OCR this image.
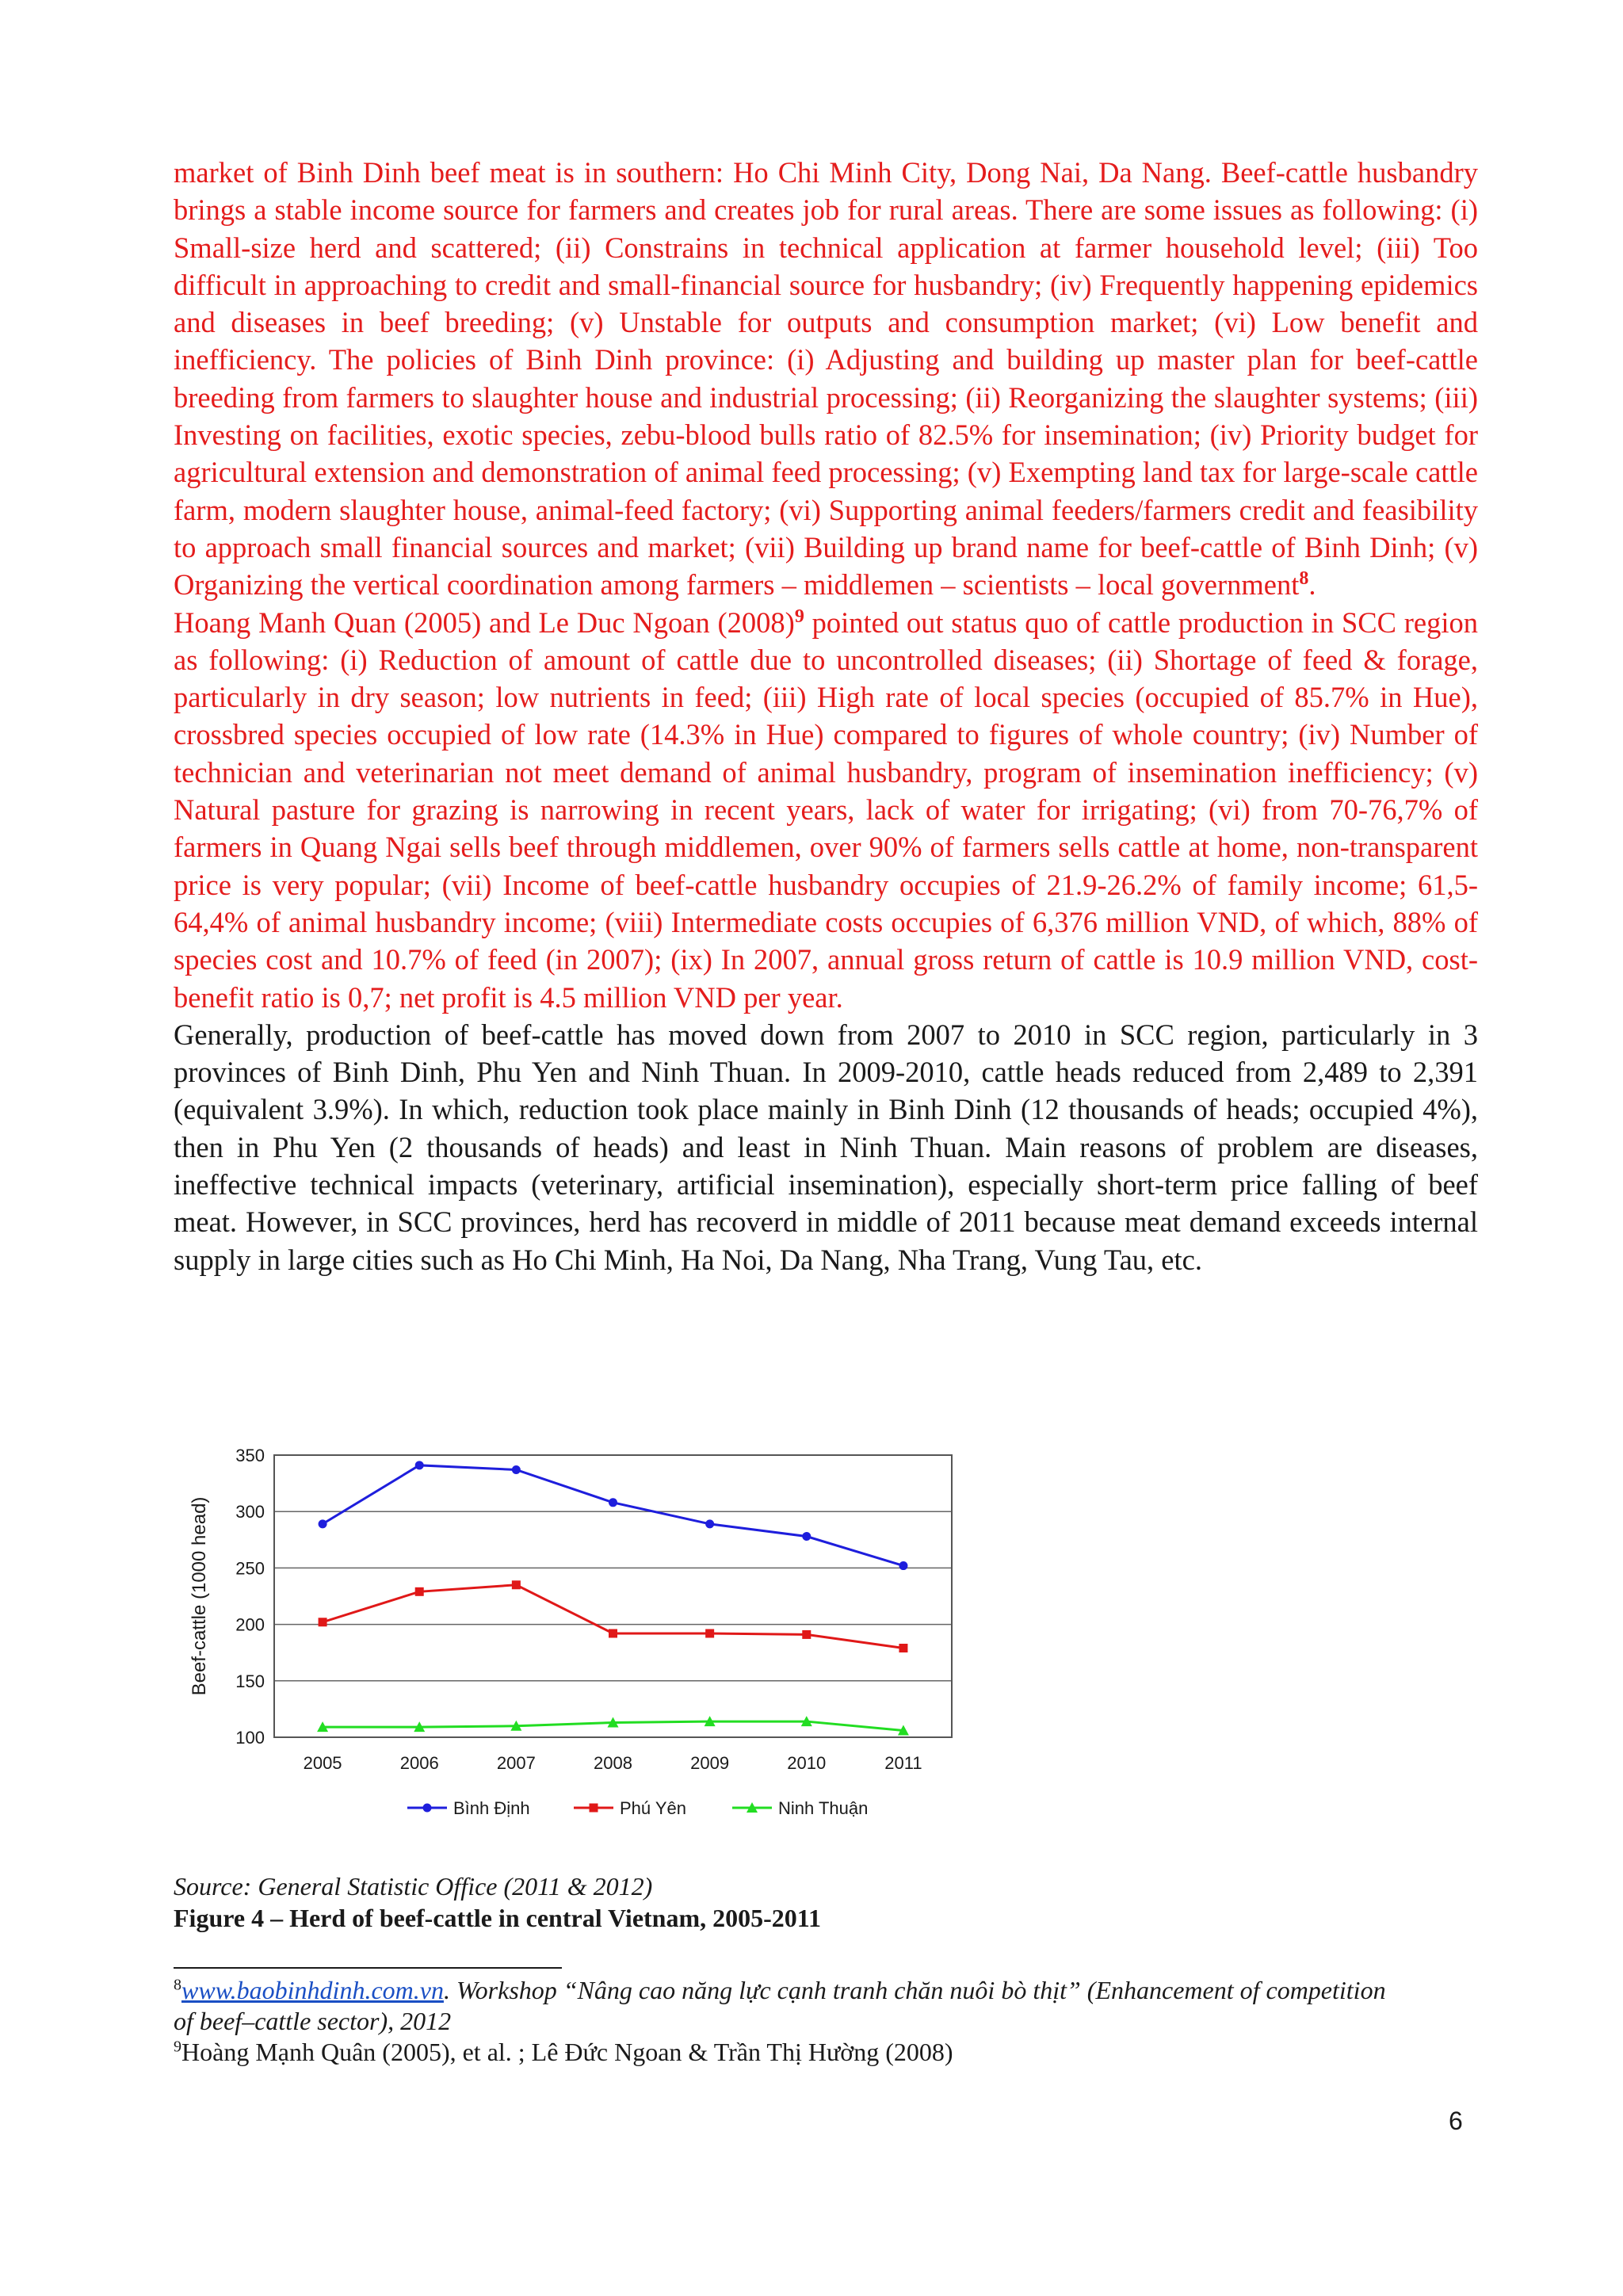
market of Binh Dinh beef meat is in southern: Ho Chi Minh City, Dong Nai, Da Nang. Beef-cattle husbandry brings a stable income source for farmers and creates job for rural areas. There are some issues as following: (i) Small-size herd and scattered; (ii) Constrains in technical application at farmer household level; (iii) Too difficult in approaching to credit and small-financial source for husbandry; (iv) Frequently happening epidemics and diseases in beef breeding; (v) Unstable for outputs and consumption market; (vi) Low benefit and inefficiency. The policies of Binh Dinh province: (i) Adjusting and building up master plan for beef-cattle breeding from farmers to slaughter house and industrial processing; (ii) Reorganizing the slaughter systems; (iii) Investing on facilities, exotic species, zebu-blood bulls ratio of 82.5% for insemination; (iv) Priority budget for agricultural extension and demonstration of animal feed processing; (v) Exempting land tax for large-scale cattle farm, modern slaughter house, animal-feed factory; (vi) Supporting animal feeders/farmers credit and feasibility to approach small financial sources and market; (vii) Building up brand name for beef-cattle of Binh Dinh; (v) Organizing the vertical coordination among farmers – middlemen – scientists – local government$^8$.

Hoang Manh Quan (2005) and Le Duc Ngoan $(2008)^9$ pointed out status quo of cattle production in SCC region as following: (i) Reduction of amount of cattle due to uncontrolled diseases; (ii) Shortage of feed & forage, particularly in dry season; low nutrients in feed; (iii) High rate of local species (occupied of 85.7% in Hue), crossbred species occupied of low rate (14.3% in Hue) compared to figures of whole country; (iv) Number of technician and veterinarian not meet demand of animal husbandry, program of insemination inefficiency; (v) Natural pasture for grazing is narrowing in recent years, lack of water for irrigating; (vi) from 70-76,7% of farmers in Quang Ngai sells beef through middlemen, over 90% of farmers sells cattle at home, non-transparent price is very popular; (vii) Income of beef-cattle husbandry occupies of 21.9-26.2% of family income; 61,5-64,4% of animal husbandry income; (viii) Intermediate costs occupies of 6,376 million VND, of which, 88% of species cost and 10.7% of feed (in 2007); (ix) In 2007, annual gross return of cattle is 10.9 million VND, cost-benefit ratio is 0,7; net profit is 4.5 million VND per year.

Generally, production of beef-cattle has moved down from 2007 to 2010 in SCC region, particularly in 3 provinces of Binh Dinh, Phu Yen and Ninh Thuan. In 2009-2010, cattle heads reduced from 2,489 to 2,391 (equivalent 3.9%). In which, reduction took place mainly in Binh Dinh (12 thousands of heads; occupied 4%), then in Phu Yen (2 thousands of heads) and least in Ninh Thuan. Main reasons of problem are diseases, ineffective technical impacts (veterinary, artificial insemination), especially short-term price falling of beef meat. However, in SCC provinces, herd has recoverd in middle of 2011 because meat demand exceeds internal supply in large cities such as Ho Chi Minh, Ha Noi, Da Nang, Nha Trang, Vung Tau, etc.

100
150
200
250
300
350
2005	2006	2007	2008	2009	2010	2011
Beef-cattle (1000 head)
Bình Định	Phú Yên	Ninh Thuận

Source: General Statistic Office (2011 & 2012)

Figure 4 – Herd of beef-cattle in central Vietnam, 2005-2011

$^8$www.baobinhdinh.com.vn. Workshop “Nâng cao năng lực cạnh tranh chăn nuôi bò thịt” (Enhancement of competition of beef–cattle sector), 2012

$^9$Hoàng Mạnh Quân (2005), et al. ; Lê Đức Ngoan & Trần Thị Hường (2008)

6
